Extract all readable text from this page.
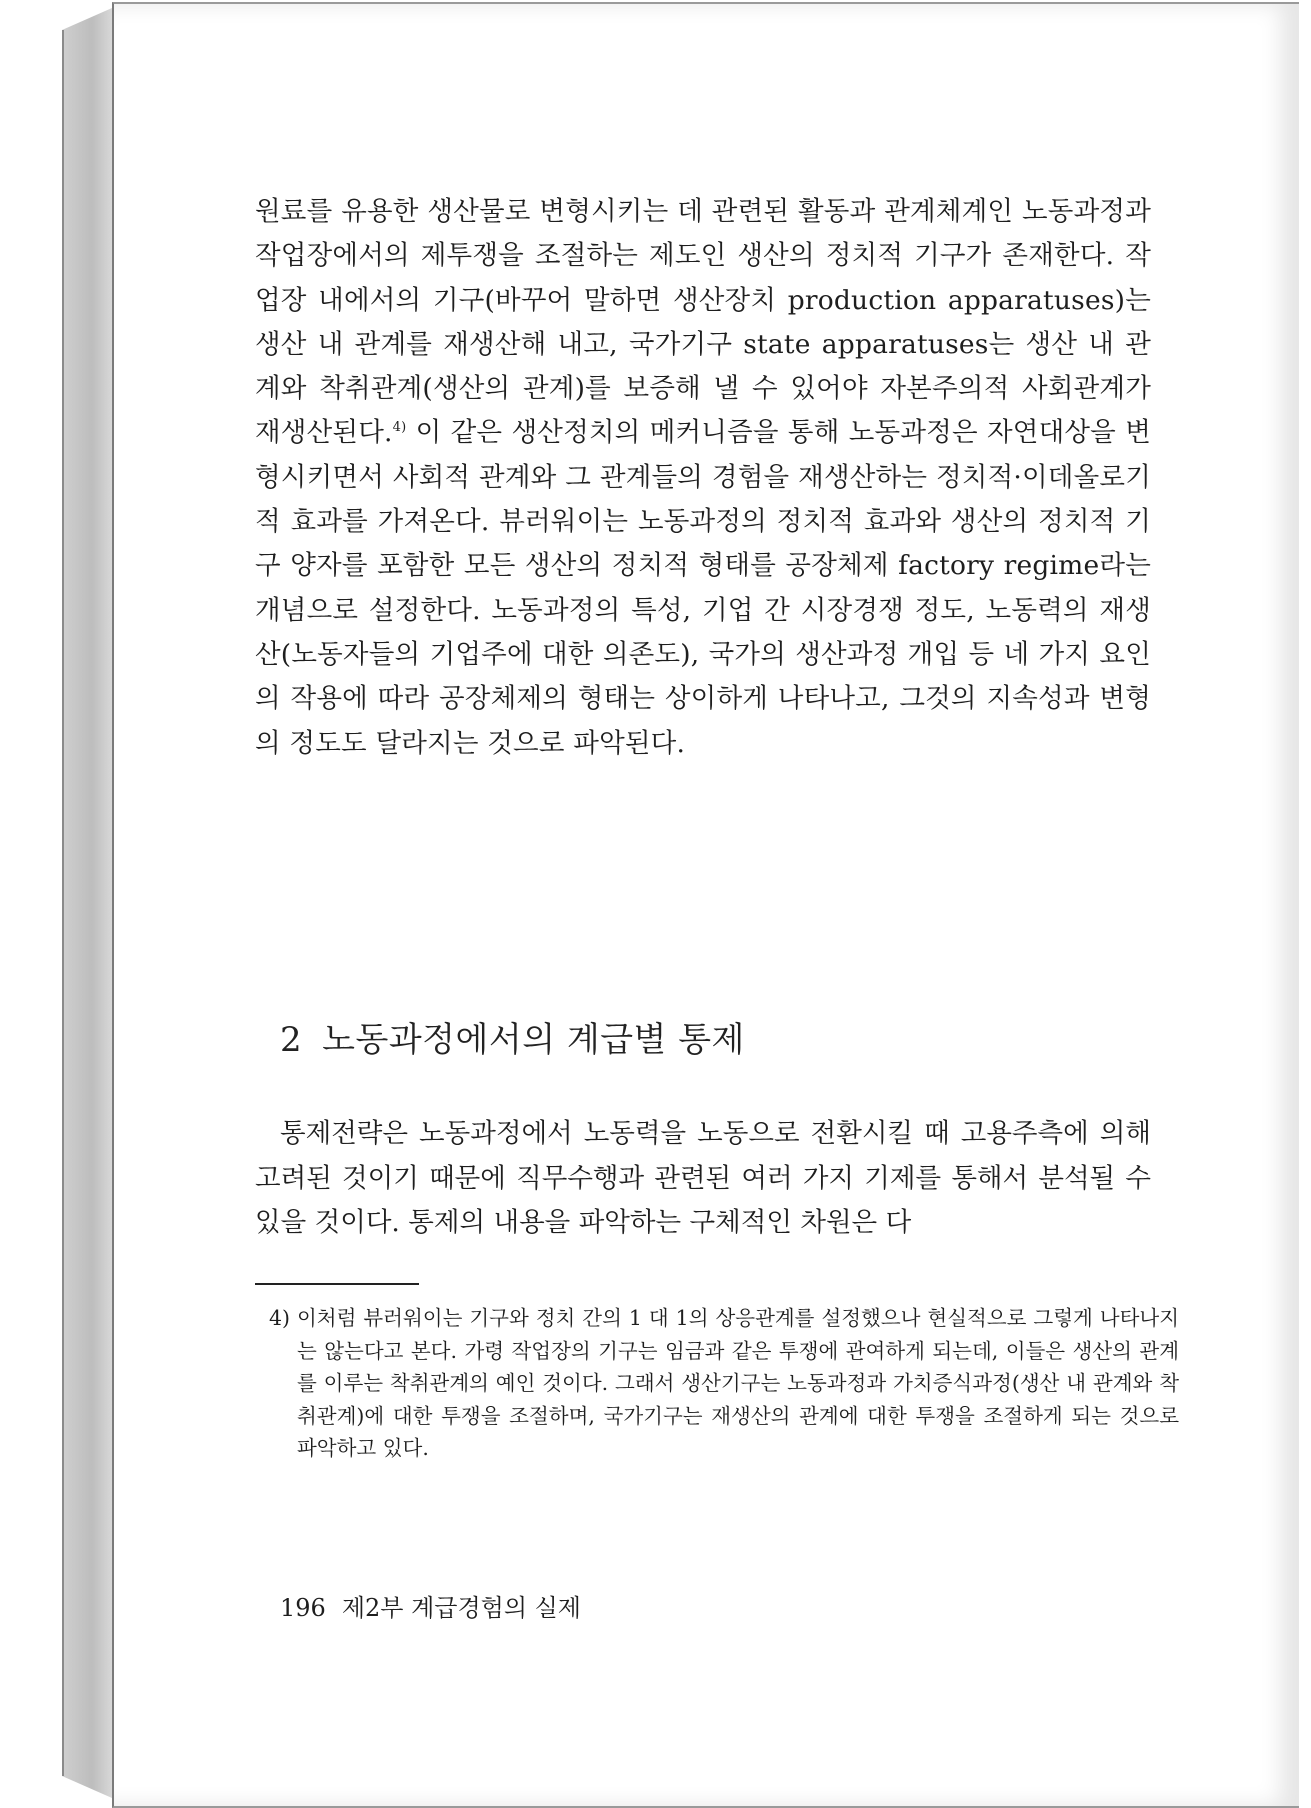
원료를 유용한 생산물로 변형시키는 데 관련된 활동과 관계체계인 노동과정과 작업장에서의 제투쟁을 조절하는 제도인 생산의 정치적 기구가 존재한다. 작업장 내에서의 기구(바꾸어 말하면 생산장치 production apparatuses)는 생산 내 관계를 재생산해 내고, 국가기구 state apparatuses는 생산 내 관계와 착취관계(생산의 관계)를 보증해 낼 수 있어야 자본주의적 사회관계가 재생산된다.$^{4)}$ 이 같은 생산정치의 메커니즘을 통해 노동과정은 자연대상을 변형시키면서 사회적 관계와 그 관계들의 경험을 재생산하는 정치적·이데올로기적 효과를 가져온다. 뷰러워이는 노동과정의 정치적 효과와 생산의 정치적 기구 양자를 포함한 모든 생산의 정치적 형태를 공장체제 factory regime라는 개념으로 설정한다. 노동과정의 특성, 기업 간 시장경쟁 정도, 노동력의 재생산(노동자들의 기업주에 대한 의존도), 국가의 생산과정 개입 등 네 가지 요인의 작용에 따라 공장체제의 형태는 상이하게 나타나고, 그것의 지속성과 변형의 정도도 달라지는 것으로 파악된다.

2 노동과정에서의 계급별 통제

통제전략은 노동과정에서 노동력을 노동으로 전환시킬 때 고용주측에 의해 고려된 것이기 때문에 직무수행과 관련된 여러 가지 기제를 통해서 분석될 수 있을 것이다. 통제의 내용을 파악하는 구체적인 차원은 다

4) 이처럼 뷰러워이는 기구와 정치 간의 1 대 1의 상응관계를 설정했으나 현실적으로 그렇게 나타나지는 않는다고 본다. 가령 작업장의 기구는 임금과 같은 투쟁에 관여하게 되는데, 이들은 생산의 관계를 이루는 착취관계의 예인 것이다. 그래서 생산기구는 노동과정과 가치증식과정(생산 내 관계와 착취관계)에 대한 투쟁을 조절하며, 국가기구는 재생산의 관계에 대한 투쟁을 조절하게 되는 것으로 파악하고 있다.

196 제2부 계급경험의 실제
